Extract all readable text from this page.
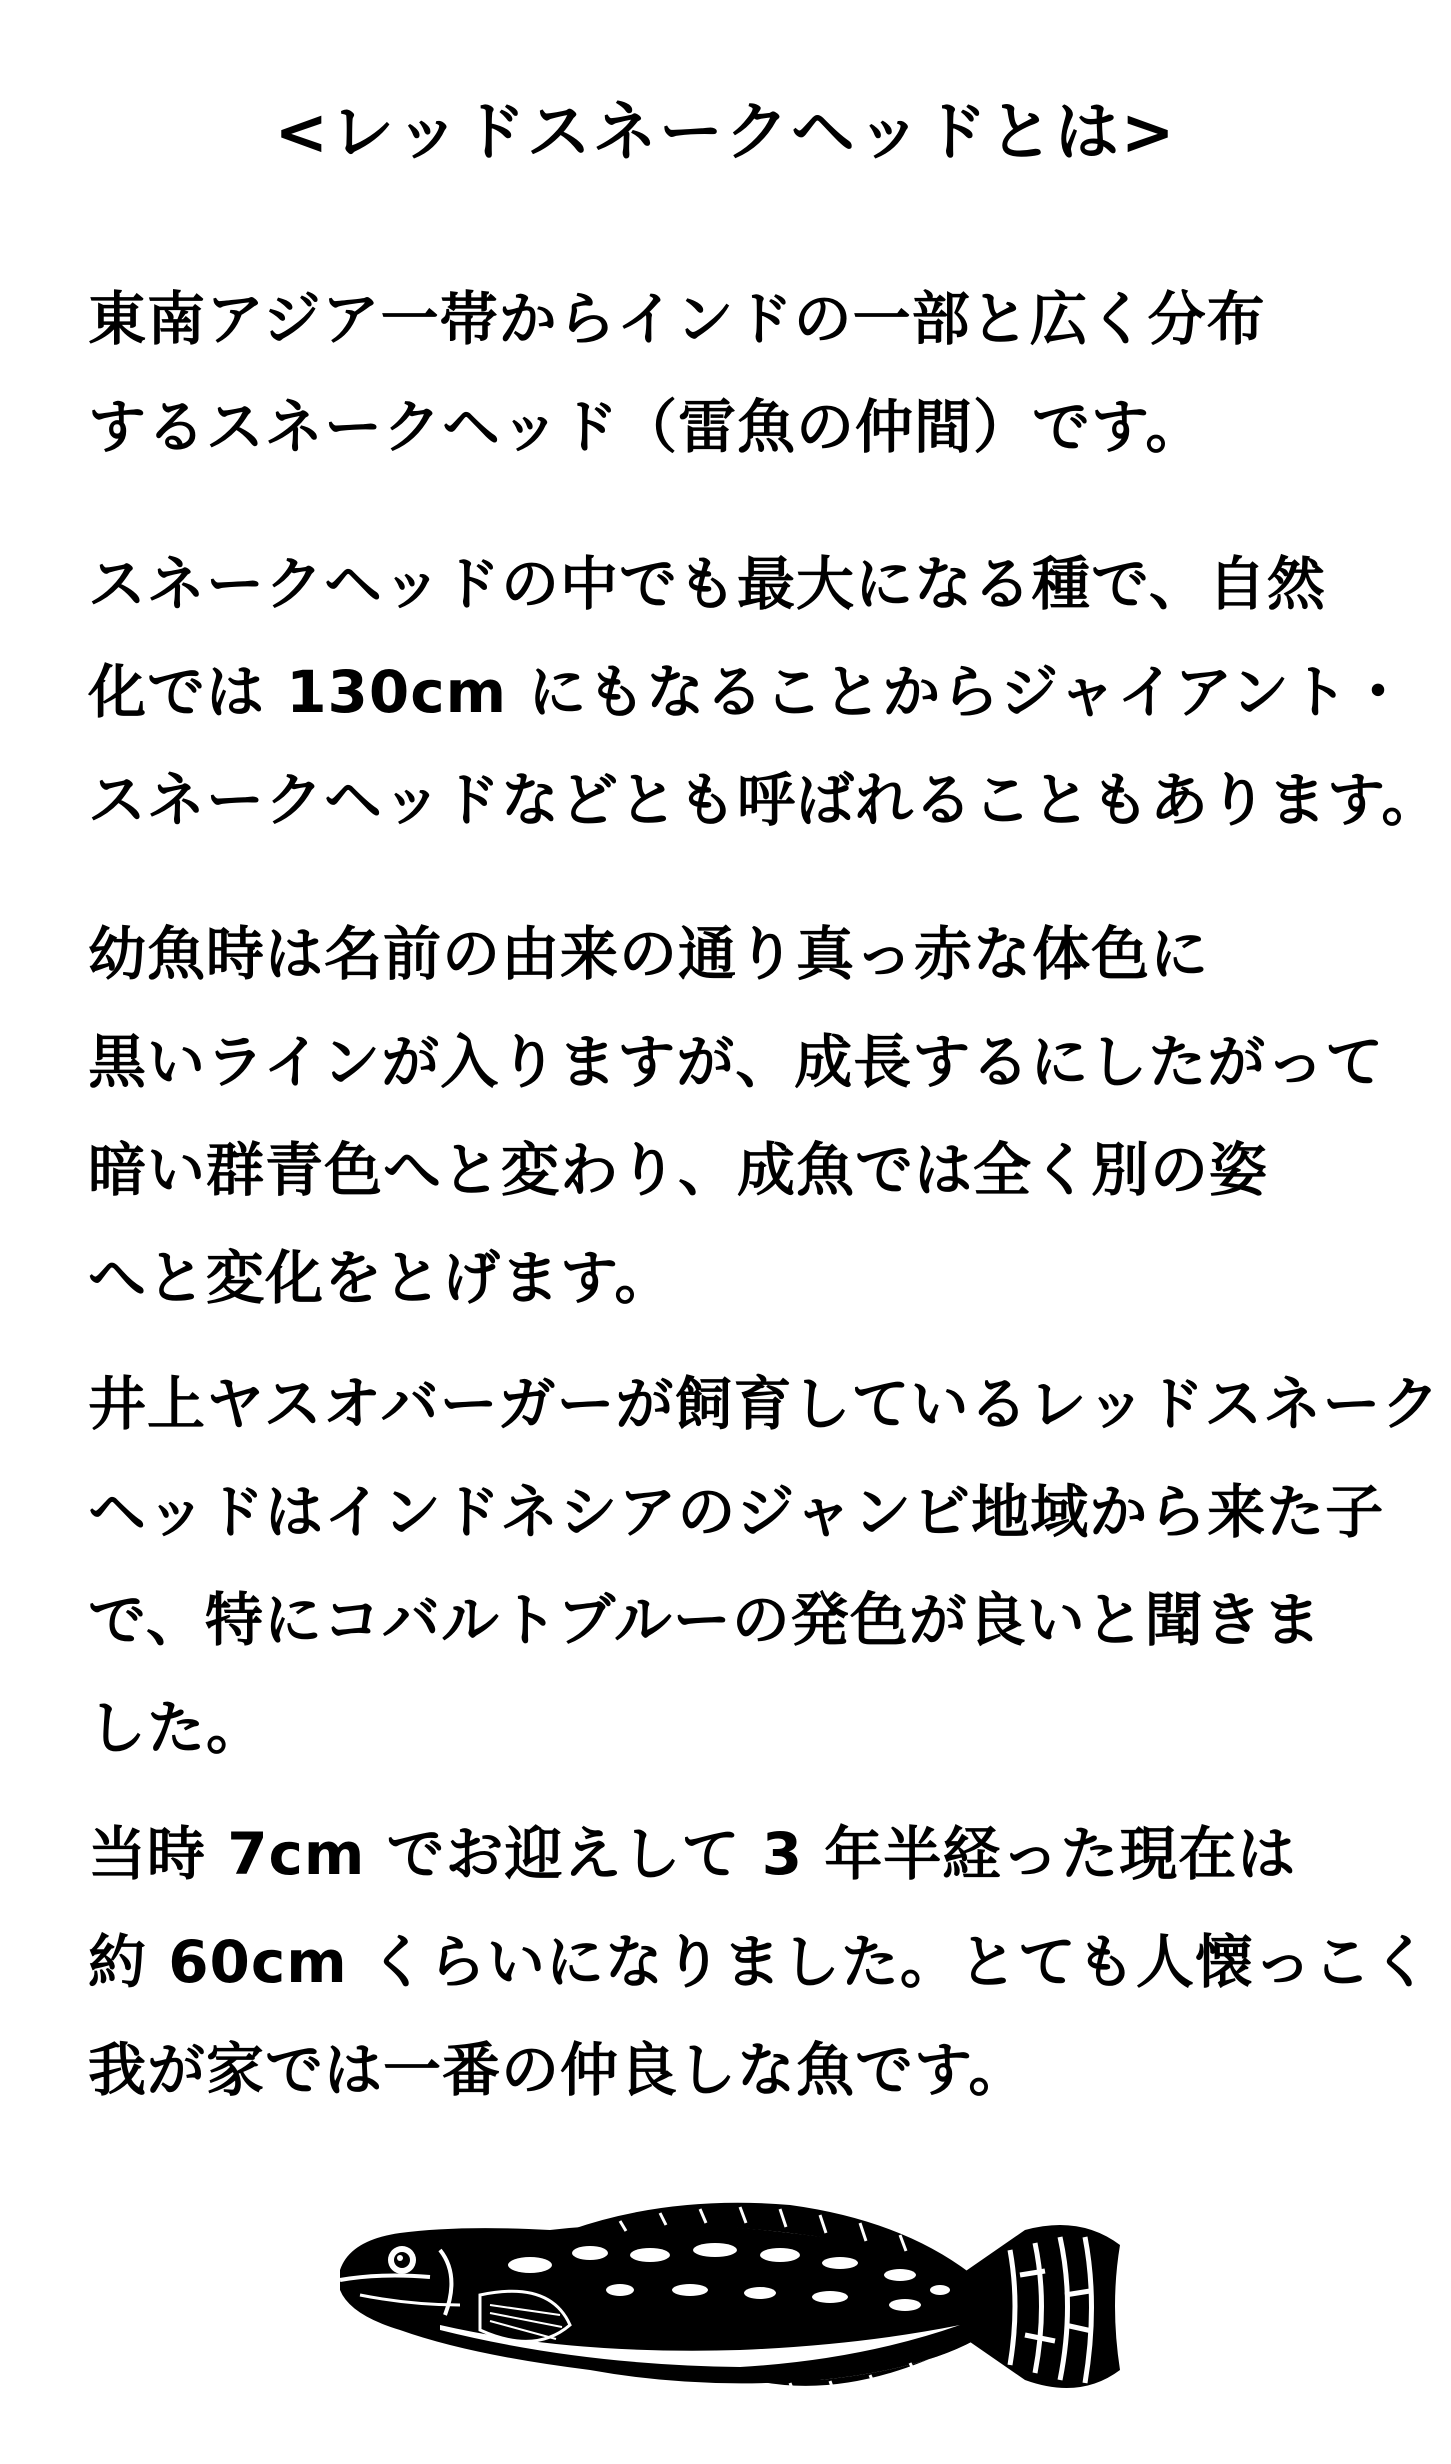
<レッドスネークヘッドとは>
東南アジア一帯からインドの一部と広く分布
するスネークヘッド（雷魚の仲間）です。
スネークヘッドの中でも最大になる種で、自然
化では 130cm にもなることからジャイアント・
スネークヘッドなどとも呼ばれることもあります。
幼魚時は名前の由来の通り真っ赤な体色に
黒いラインが入りますが、成長するにしたがって
暗い群青色へと変わり、成魚では全く別の姿
へと変化をとげます。
井上ヤスオバーガーが飼育しているレッドスネーク
ヘッドはインドネシアのジャンビ地域から来た子
で、特にコバルトブルーの発色が良いと聞きま
した。
当時 7cm でお迎えして 3 年半経った現在は
約 60cm くらいになりました。とても人懐っこく
我が家では一番の仲良しな魚です。
